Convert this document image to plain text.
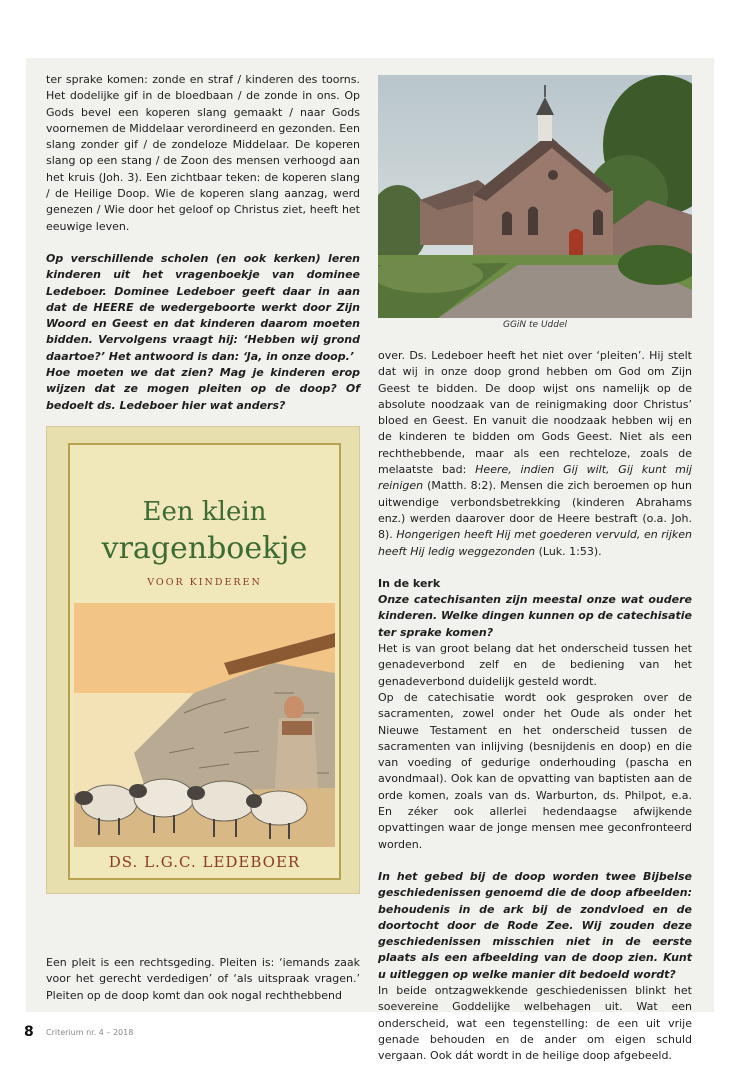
ter sprake komen: zonde en straf / kinderen des toorns. Het dodelijke gif in de bloedbaan / de zonde in ons. Op Gods bevel een koperen slang gemaakt / naar Gods voornemen de Middelaar verordineerd en gezonden. Een slang zonder gif / de zondeloze Middelaar. De koperen slang op een stang / de Zoon des mensen verhoogd aan het kruis (Joh. 3). Een zichtbaar teken: de koperen slang / de Heilige Doop. Wie de koperen slang aanzag, werd genezen / Wie door het geloof op Christus ziet, heeft het eeuwige leven.

Op verschillende scholen (en ook kerken) leren kinderen uit het vragenboekje van dominee Ledeboer. Dominee Ledeboer geeft daar in aan dat de HEERE de wedergeboorte werkt door Zijn Woord en Geest en dat kinderen daarom moeten bidden. Vervolgens vraagt hij: ‘Hebben wij grond daartoe?’ Het antwoord is dan: ‘Ja, in onze doop.’

Hoe moeten we dat zien? Mag je kinderen erop wijzen dat ze mogen pleiten op de doop? Of bedoelt ds. Ledeboer hier wat anders?

GGiN te Uddel
Een klein
vragenboekje
VOOR KINDEREN
DS. L.G.C. LEDEBOER

Een pleit is een rechtsgeding. Pleiten is: ‘iemands zaak voor het gerecht verdedigen’ of ‘als uitspraak vragen.’ Pleiten op de doop komt dan ook nogal rechthebbend

over. Ds. Ledeboer heeft het niet over ‘pleiten’. Hij stelt dat wij in onze doop grond hebben om God om Zijn Geest te bidden. De doop wijst ons namelijk op de absolute noodzaak van de reinigmaking door Christus’ bloed en Geest. En vanuit die noodzaak hebben wij en de kinderen te bidden om Gods Geest. Niet als een rechthebbende, maar als een rechteloze, zoals de melaatste bad: Heere, indien Gij wilt, Gij kunt mij reinigen (Matth. 8:2). Mensen die zich beroemen op hun uitwendige verbondsbetrekking (kinderen Abrahams enz.) werden daarover door de Heere bestraft (o.a. Joh. 8). Hongerigen heeft Hij met goederen vervuld, en rijken heeft Hij ledig weggezonden (Luk. 1:53).

In de kerk

Onze catechisanten zijn meestal onze wat oudere kinderen. Welke dingen kunnen op de catechisatie ter sprake komen?

Het is van groot belang dat het onderscheid tussen het genadeverbond zelf en de bediening van het genadeverbond duidelijk gesteld wordt.

Op de catechisatie wordt ook gesproken over de sacramenten, zowel onder het Oude als onder het Nieuwe Testament en het onderscheid tussen de sacramenten van inlijving (besnijdenis en doop) en die van voeding of gedurige onderhouding (pascha en avondmaal). Ook kan de opvatting van baptisten aan de orde komen, zoals van ds. Warburton, ds. Philpot, e.a. En zéker ook allerlei hedendaagse afwijkende opvattingen waar de jonge mensen mee geconfronteerd worden.

In het gebed bij de doop worden twee Bijbelse geschiedenissen genoemd die de doop afbeelden: behoudenis in de ark bij de zondvloed en de doortocht door de Rode Zee. Wij zouden deze geschiedenissen misschien niet in de eerste plaats als een afbeelding van de doop zien. Kunt u uitleggen op welke manier dit bedoeld wordt?

In beide ontzagwekkende geschiedenissen blinkt het soevereine Goddelijke welbehagen uit. Wat een onderscheid, wat een tegenstelling: de een uit vrije genade behouden en de ander om eigen schuld vergaan. Ook dát wordt in de heilige doop afgebeeld.

8 Criterium nr. 4 – 2018
